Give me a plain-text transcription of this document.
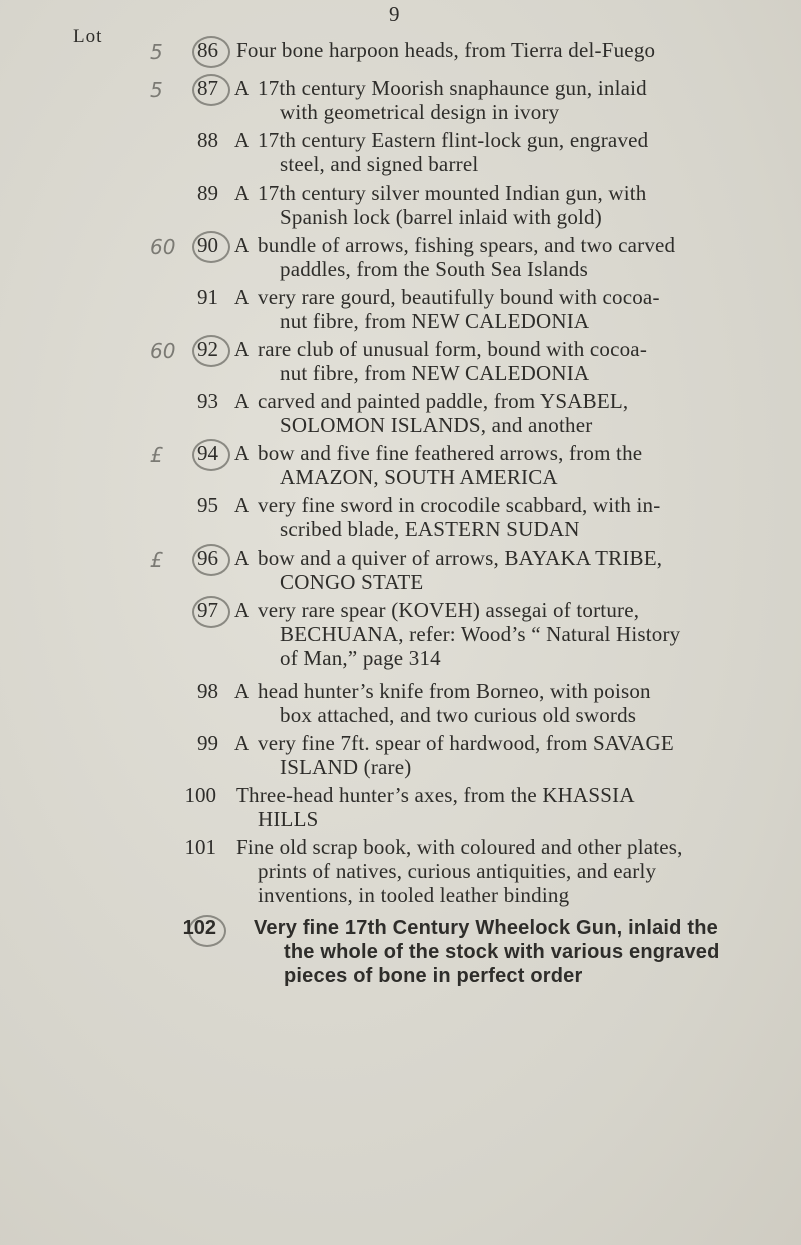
9
Lot
5	86 Four bone harpoon heads, from Tierra del-Fuego
5	87 A 17th century Moorish snaphaunce gun, inlaid
with geometrical design in ivory
88 A 17th century Eastern flint-lock gun, engraved
steel, and signed barrel
89 A 17th century silver mounted Indian gun, with
Spanish lock (barrel inlaid with gold)
60	90 A bundle of arrows, fishing spears, and two carved
paddles, from the South Sea Islands
91 A very rare gourd, beautifully bound with cocoa-
nut fibre, from NEW CALEDONIA
60	92 A rare club of unusual form, bound with cocoa-
nut fibre, from NEW CALEDONIA
93 A carved and painted paddle, from YSABEL,
SOLOMON ISLANDS, and another
£	94 A bow and five fine feathered arrows, from the
AMAZON, SOUTH AMERICA
95 A very fine sword in crocodile scabbard, with in-
scribed blade, EASTERN SUDAN
£	96 A bow and a quiver of arrows, BAYAKA TRIBE,
CONGO STATE
97 A very rare spear (KOVEH) assegai of torture,
BECHUANA, refer: Wood’s “ Natural History
of Man,” page 314
98 A head hunter’s knife from Borneo, with poison
box attached, and two curious old swords
99 A very fine 7ft. spear of hardwood, from SAVAGE
ISLAND (rare)
100 Three-head hunter’s axes, from the KHASSIA
HILLS
101 Fine old scrap book, with coloured and other plates,
prints of natives, curious antiquities, and early
inventions, in tooled leather binding
102 Very fine 17th Century Wheelock Gun, inlaid the
the whole of the stock with various engraved
pieces of bone in perfect order
